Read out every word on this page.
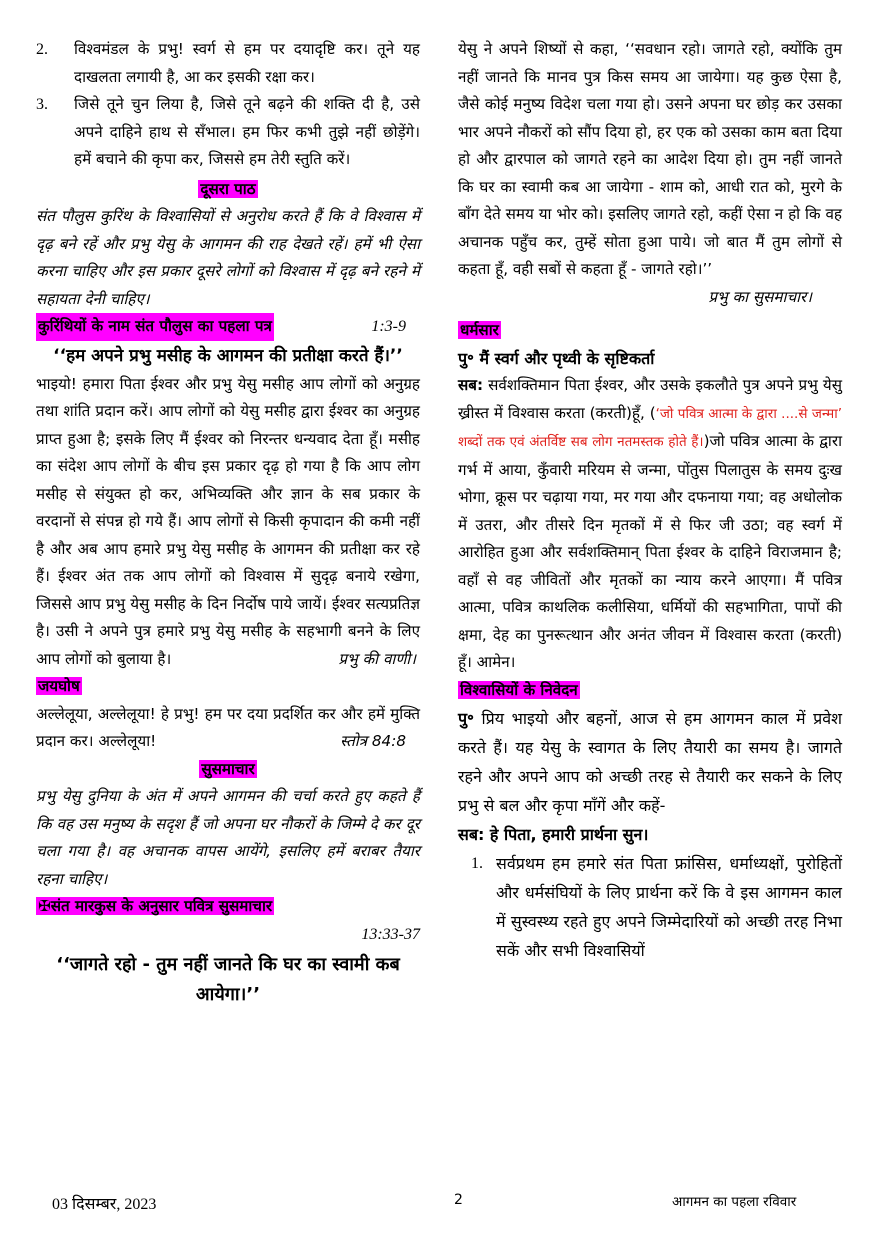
2.	विश्वमंडल के प्रभु! स्वर्ग से हम पर दयादृष्टि कर। तूने यह दाखलता लगायी है, आ कर इसकी रक्षा कर।
3.	जिसे तूने चुन लिया है, जिसे तूने बढ़ने की शक्ति दी है, उसे अपने दाहिने हाथ से सँभाल। हम फिर कभी तुझे नहीं छोड़ेंगे। हमें बचाने की कृपा कर, जिससे हम तेरी स्तुति करें।
दूसरा पाठ

संत पौलुस कुरिंथ के विश्वासियों से अनुरोध करते हैं कि वे विश्वास में दृढ़ बने रहें और प्रभु येसु के आगमन की राह देखते रहें। हमें भी ऐसा करना चाहिए और इस प्रकार दूसरे लोगों को विश्वास में दृढ़ बने रहने में सहायता देनी चाहिए।

कुरिंथियों के नाम संत पौलुस का पहला पत्र	1:3-9
‘‘हम अपने प्रभु मसीह के आगमन की प्रतीक्षा करते हैं।’’

भाइयो! हमारा पिता ईश्वर और प्रभु येसु मसीह आप लोगों को अनुग्रह तथा शांति प्रदान करें। आप लोगों को येसु मसीह द्वारा ईश्वर का अनुग्रह प्राप्त हुआ है; इसके लिए मैं ईश्वर को निरन्तर धन्यवाद देता हूँ। मसीह का संदेश आप लोगों के बीच इस प्रकार दृढ़ हो गया है कि आप लोग मसीह से संयुक्त हो कर, अभिव्यक्ति और ज्ञान के सब प्रकार के वरदानों से संपन्न हो गये हैं। आप लोगों से किसी कृपादान की कमी नहीं है और अब आप हमारे प्रभु येसु मसीह के आगमन की प्रतीक्षा कर रहे हैं। ईश्वर अंत तक आप लोगों को विश्वास में सुदृढ़ बनाये रखेगा, जिससे आप प्रभु येसु मसीह के दिन निर्दोष पाये जायें। ईश्वर सत्यप्रतिज्ञ है। उसी ने अपने पुत्र हमारे प्रभु येसु मसीह के सहभागी बनने के लिए आप लोगों को बुलाया है।	प्रभु की वाणी।

जयघोष

अल्लेलूया, अल्लेलूया! हे प्रभु! हम पर दया प्रदर्शित कर और हमें मुक्ति प्रदान कर। अल्लेलूया!	स्तोत्र 84:8

सुसमाचार

प्रभु येसु दुनिया के अंत में अपने आगमन की चर्चा करते हुए कहते हैं कि वह उस मनुष्य के सदृश हैं जो अपना घर नौकरों के जिम्मे दे कर दूर चला गया है। वह अचानक वापस आयेंगे, इसलिए हमें बराबर तैयार रहना चाहिए।

✠संत मारकुस के अनुसार पवित्र सुसमाचार
13:33-37
‘‘जागते रहो - तुम नहीं जानते कि घर का स्वामी कब आयेगा।’’

येसु ने अपने शिष्यों से कहा, ‘‘सवधान रहो। जागते रहो, क्योंकि तुम नहीं जानते कि मानव पुत्र किस समय आ जायेगा। यह कुछ ऐसा है, जैसे कोई मनुष्य विदेश चला गया हो। उसने अपना घर छोड़ कर उसका भार अपने नौकरों को सौंप दिया हो, हर एक को उसका काम बता दिया हो और द्वारपाल को जागते रहने का आदेश दिया हो। तुम नहीं जानते कि घर का स्वामी कब आ जायेगा - शाम को, आधी रात को, मुरगे के बाँग देते समय या भोर को। इसलिए जागते रहो, कहीं ऐसा न हो कि वह अचानक पहुँच कर, तुम्हें सोता हुआ पाये। जो बात मैं तुम लोगों से कहता हूँ, वही सबों से कहता हूँ - जागते रहो।’’
प्रभु का सुसमाचार।

धर्मसार
पु॰ मैं स्वर्ग और पृथ्वी के सृष्टिकर्ता

सब: सर्वशक्तिमान पिता ईश्वर, और उसके इकलौते पुत्र अपने प्रभु येसु ख्रीस्त में विश्वास करता (करती)हूँ, (‘जो पवित्र आत्मा के द्वारा ....से जन्मा’ शब्दों तक एवं अंतर्विष्ट सब लोग नतमस्तक होते हैं।)जो पवित्र आत्मा के द्वारा गर्भ में आया, कुँवारी मरियम से जन्मा, पोंतुस पिलातुस के समय दुःख भोगा, क्रूस पर चढ़ाया गया, मर गया और दफनाया गया; वह अधोलोक में उतरा, और तीसरे दिन मृतकों में से फिर जी उठा; वह स्वर्ग में आरोहित हुआ और सर्वशक्तिमान् पिता ईश्वर के दाहिने विराजमान है; वहाँ से वह जीवितों और मृतकों का न्याय करने आएगा। मैं पवित्र आत्मा, पवित्र काथलिक कलीसिया, धर्मियों की सहभागिता, पापों की क्षमा, देह का पुनरूत्थान और अनंत जीवन में विश्वास करता (करती) हूँ। आमेन।

विश्वासियों के निवेदन

पु॰ प्रिय भाइयो और बहनों, आज से हम आगमन काल में प्रवेश करते हैं। यह येसु के स्वागत के लिए तैयारी का समय है। जागते रहने और अपने आप को अच्छी तरह से तैयारी कर सकने के लिए प्रभु से बल और कृपा माँगें और कहें-

सब: हे पिता, हमारी प्रार्थना सुन।
1. सर्वप्रथम हम हमारे संत पिता फ्रांसिस, धर्माध्यक्षों, पुरोहितों और धर्मसंघियों के लिए प्रार्थना करें कि वे इस आगमन काल में सुस्वस्थ्य रहते हुए अपने जिम्मेदारियों को अच्छी तरह निभा सकें और सभी विश्वासियों
03 दिसम्बर, 2023	2	आगमन का पहला रविवार
